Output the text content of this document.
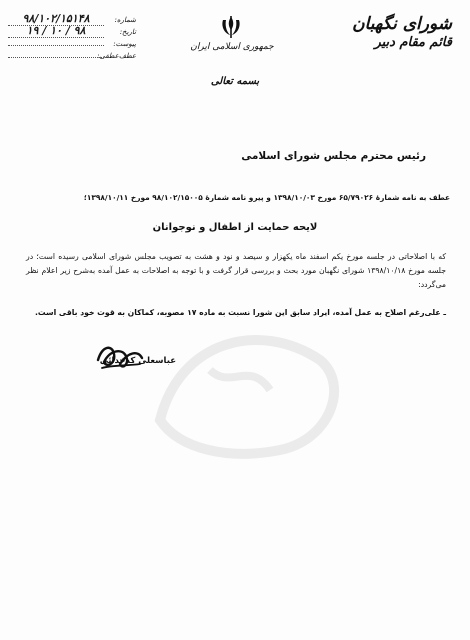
شورای نگهبان
قائم مقام دبیر
جمهوری اسلامی ایران
بسمه تعالی
شماره:
۹۸/۱۰۲/۱۵۱۴۸
تاریخ:
۱۹ / ۱۰ / ۹۸
پیوست:
عطف‌عطفی:
رئیس محترم مجلس شورای اسلامی
عطف به نامه شمارهٔ ۶۵/۷۹۰۲۶ مورخ ۱۳۹۸/۱۰/۰۳ و پیرو نامه شمارهٔ ۹۸/۱۰۲/۱۵۰۰۵ مورخ ۱۳۹۸/۱۰/۱۱؛
لایحه حمایت از اطفال و نوجوانان

که با اصلاحاتی در جلسه مورخ یکم اسفند ماه یکهزار و سیصد و نود و هشت به تصویب مجلس شورای اسلامی رسیده است؛ در جلسه مورخ ۱۳۹۸/۱۰/۱۸ شورای نگهبان مورد بحث و بررسی قرار گرفت و با توجه به اصلاحات به عمل آمده به‌شرح زیر اعلام نظر می‌گردد:

ـ علی‌رغم اصلاح به عمل آمده، ایراد سابق این شورا نسبت به ماده ۱۷ مصوبه، کماکان به قوت خود باقی است.
عباسعلی کدخدائی
